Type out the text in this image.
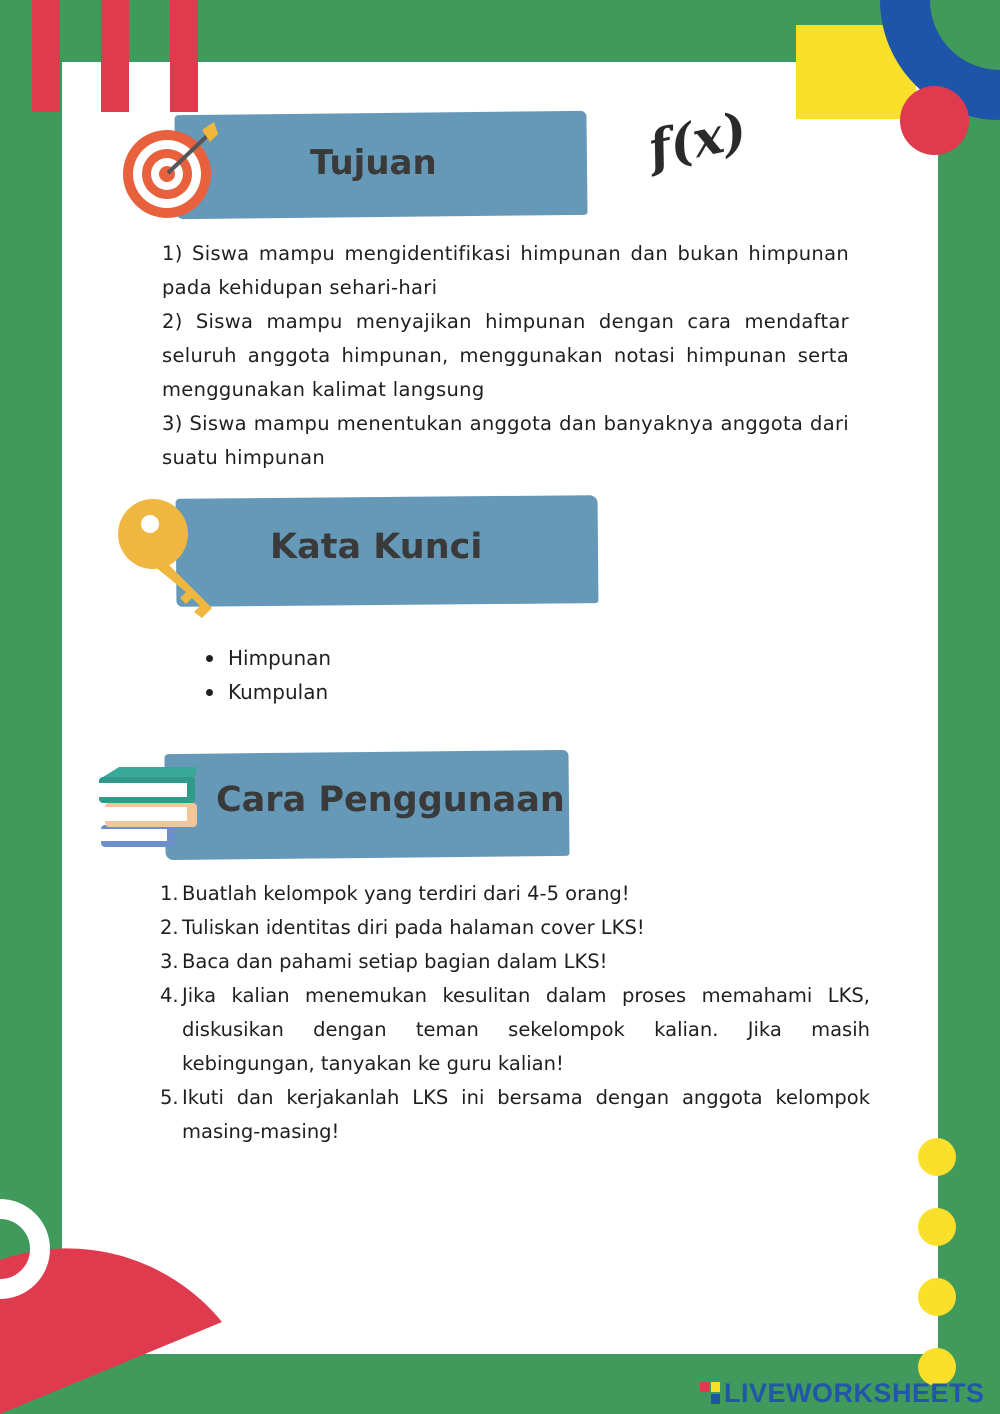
f(x)
Tujuan

1) Siswa mampu mengidentifikasi himpunan dan bukan himpunan pada kehidupan sehari-hari

2) Siswa mampu menyajikan himpunan dengan cara mendaftar seluruh anggota himpunan, menggunakan notasi himpunan serta menggunakan kalimat langsung

3) Siswa mampu menentukan anggota dan banyaknya anggota dari suatu himpunan

Kata Kunci
Himpunan
Kumpulan
Cara Penggunaan
1. Buatlah kelompok yang terdiri dari 4-5 orang!
2. Tuliskan identitas diri pada halaman cover LKS!
3. Baca dan pahami setiap bagian dalam LKS!
4. Jika kalian menemukan kesulitan dalam proses memahami LKS, diskusikan dengan teman sekelompok kalian. Jika masih kebingungan, tanyakan ke guru kalian!
5. Ikuti dan kerjakanlah LKS ini bersama dengan anggota kelompok masing-masing!
LIVEWORKSHEETS
